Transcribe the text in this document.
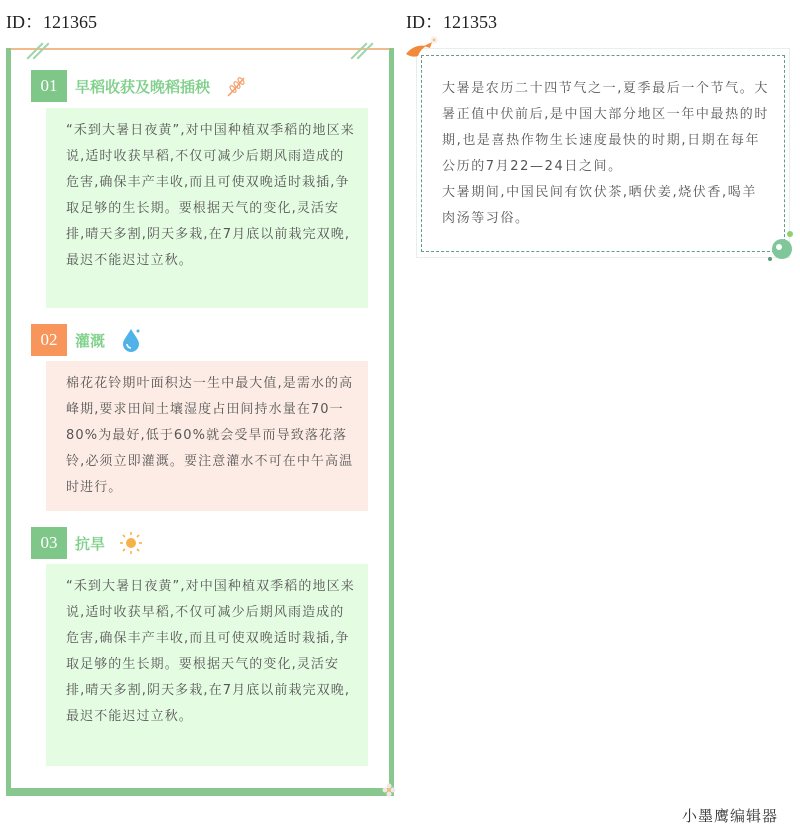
ID：121365	ID：121353
01	早稻收获及晚稻插秧
“禾到大暑日夜黄”,对中国种植双季稻的地区来说,适时收获早稻,不仅可减少后期风雨造成的危害,确保丰产丰收,而且可使双晚适时栽插,争取足够的生长期。要根据天气的变化,灵活安排,晴天多割,阴天多栽,在7月底以前栽完双晚,最迟不能迟过立秋。
02	灌溉
棉花花铃期叶面积达一生中最大值,是需水的高峰期,要求田间土壤湿度占田间持水量在70一80%为最好,低于60%就会受旱而导致落花落铃,必须立即灌溉。要注意灌水不可在中午高温时进行。
03	抗旱
“禾到大暑日夜黄”,对中国种植双季稻的地区来说,适时收获早稻,不仅可减少后期风雨造成的危害,确保丰产丰收,而且可使双晚适时栽插,争取足够的生长期。要根据天气的变化,灵活安排,晴天多割,阴天多栽,在7月底以前栽完双晚,最迟不能迟过立秋。

大暑是农历二十四节气之一,夏季最后一个节气。大暑正值中伏前后,是中国大部分地区一年中最热的时期,也是喜热作物生长速度最快的时期,日期在每年公历的7月22—24日之间。

大暑期间,中国民间有饮伏茶,晒伏姜,烧伏香,喝羊肉汤等习俗。

小墨鹰编辑器
